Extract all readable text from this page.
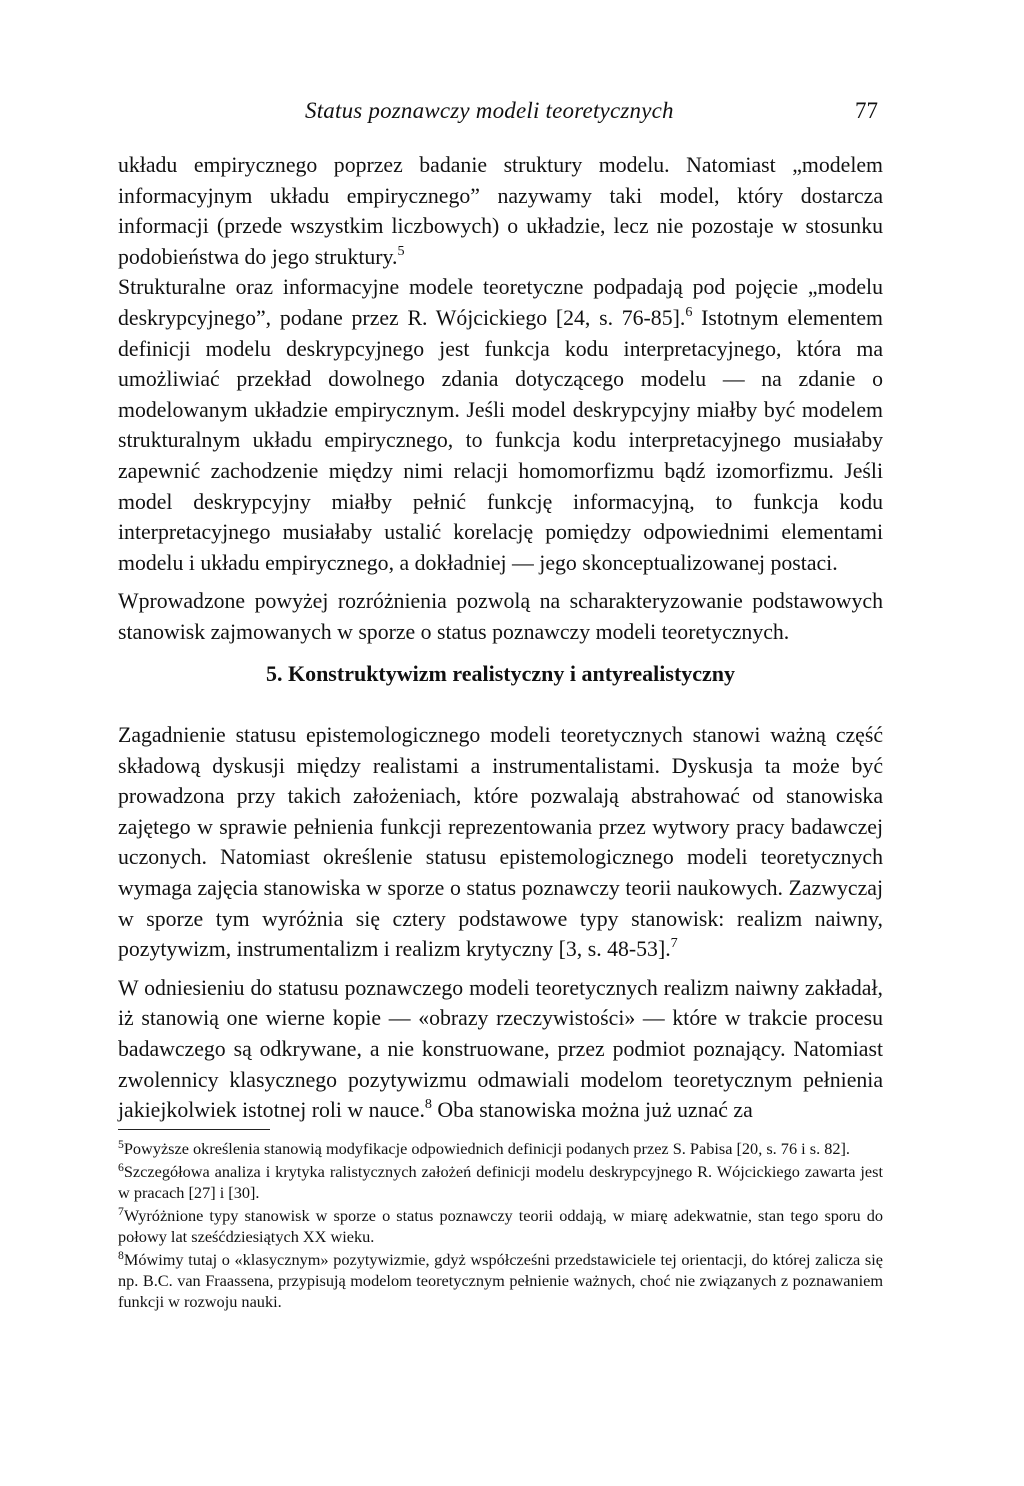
Status poznawczy modeli teoretycznych	77

układu empirycznego poprzez badanie struktury modelu. Natomiast „modelem informacyjnym układu empirycznego” nazywamy taki model, który dostarcza informacji (przede wszystkim liczbowych) o układzie, lecz nie pozostaje w stosunku podobieństwa do jego struktury.$^5$

Strukturalne oraz informacyjne modele teoretyczne podpadają pod pojęcie „modelu deskrypcyjnego”, podane przez R. Wójcickiego [24, s. 76-85].$^6$ Istotnym elementem definicji modelu deskrypcyjnego jest funkcja kodu interpretacyjnego, która ma umożliwiać przekład dowolnego zdania dotyczącego modelu — na zdanie o modelowanym układzie empirycznym. Jeśli model deskrypcyjny miałby być modelem strukturalnym układu empirycznego, to funkcja kodu interpretacyjnego musiałaby zapewnić zachodzenie między nimi relacji homomorfizmu bądź izomorfizmu. Jeśli model deskrypcyjny miałby pełnić funkcję informacyjną, to funkcja kodu interpretacyjnego musiałaby ustalić korelację pomiędzy odpowiednimi elementami modelu i układu empirycznego, a dokładniej — jego skonceptualizowanej postaci.

Wprowadzone powyżej rozróżnienia pozwolą na scharakteryzowanie podstawowych stanowisk zajmowanych w sporze o status poznawczy modeli teoretycznych.

5. Konstruktywizm realistyczny i antyrealistyczny

Zagadnienie statusu epistemologicznego modeli teoretycznych stanowi ważną część składową dyskusji między realistami a instrumentalistami. Dyskusja ta może być prowadzona przy takich założeniach, które pozwalają abstrahować od stanowiska zajętego w sprawie pełnienia funkcji reprezentowania przez wytwory pracy badawczej uczonych. Natomiast określenie statusu epistemologicznego modeli teoretycznych wymaga zajęcia stanowiska w sporze o status poznawczy teorii naukowych. Zazwyczaj w sporze tym wyróżnia się cztery podstawowe typy stanowisk: realizm naiwny, pozytywizm, instrumentalizm i realizm krytyczny [3, s. 48-53].$^7$

W odniesieniu do statusu poznawczego modeli teoretycznych realizm naiwny zakładał, iż stanowią one wierne kopie — «obrazy rzeczywistości» — które w trakcie procesu badawczego są odkrywane, a nie konstruowane, przez podmiot poznający. Natomiast zwolennicy klasycznego pozytywizmu odmawiali modelom teoretycznym pełnienia jakiejkolwiek istotnej roli w nauce.$^8$ Oba stanowiska można już uznać za

$^5$Powyższe określenia stanowią modyfikacje odpowiednich definicji podanych przez S. Pabisa [20, s. 76 i s. 82].

$^6$Szczegółowa analiza i krytyka ralistycznych założeń definicji modelu deskrypcyjnego R. Wójcickiego zawarta jest w pracach [27] i [30].

$^7$Wyróżnione typy stanowisk w sporze o status poznawczy teorii oddają, w miarę adekwatnie, stan tego sporu do połowy lat sześćdziesiątych XX wieku.

$^8$Mówimy tutaj o «klasycznym» pozytywizmie, gdyż współcześni przedstawiciele tej orientacji, do której zalicza się np. B.C. van Fraassena, przypisują modelom teoretycznym pełnienie ważnych, choć nie związanych z poznawaniem funkcji w rozwoju nauki.
